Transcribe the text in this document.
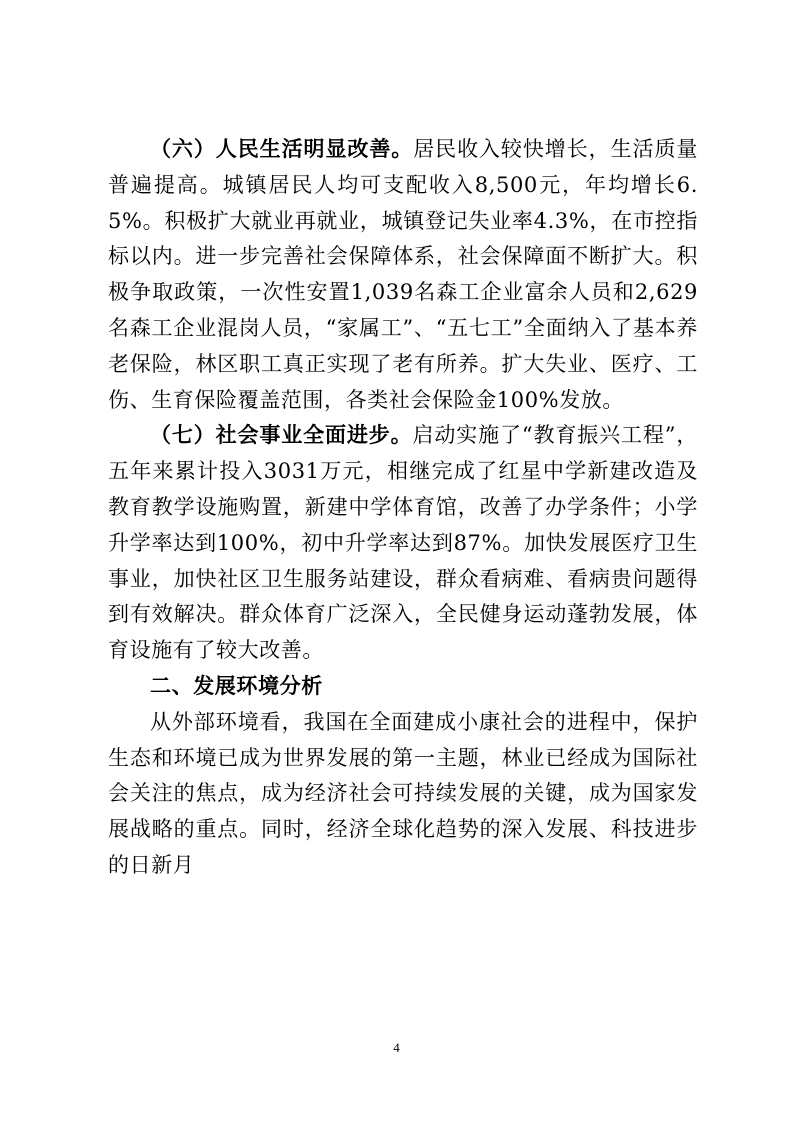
（六）人民生活明显改善。居民收入较快增长，生活质量普遍提高。城镇居民人均可支配收入8,500元，年均增长6.5%。积极扩大就业再就业，城镇登记失业率4.3%，在市控指标以内。进一步完善社会保障体系，社会保障面不断扩大。积极争取政策，一次性安置1,039名森工企业富余人员和2,629名森工企业混岗人员，“家属工”、“五七工”全面纳入了基本养老保险，林区职工真正实现了老有所养。扩大失业、医疗、工伤、生育保险覆盖范围，各类社会保险金100%发放。

（七）社会事业全面进步。启动实施了“教育振兴工程”，五年来累计投入3031万元，相继完成了红星中学新建改造及教育教学设施购置，新建中学体育馆，改善了办学条件；小学升学率达到100%，初中升学率达到87%。加快发展医疗卫生事业，加快社区卫生服务站建设，群众看病难、看病贵问题得到有效解决。群众体育广泛深入，全民健身运动蓬勃发展，体育设施有了较大改善。

二、发展环境分析

从外部环境看，我国在全面建成小康社会的进程中，保护生态和环境已成为世界发展的第一主题，林业已经成为国际社会关注的焦点，成为经济社会可持续发展的关键，成为国家发展战略的重点。同时，经济全球化趋势的深入发展、科技进步的日新月

4
